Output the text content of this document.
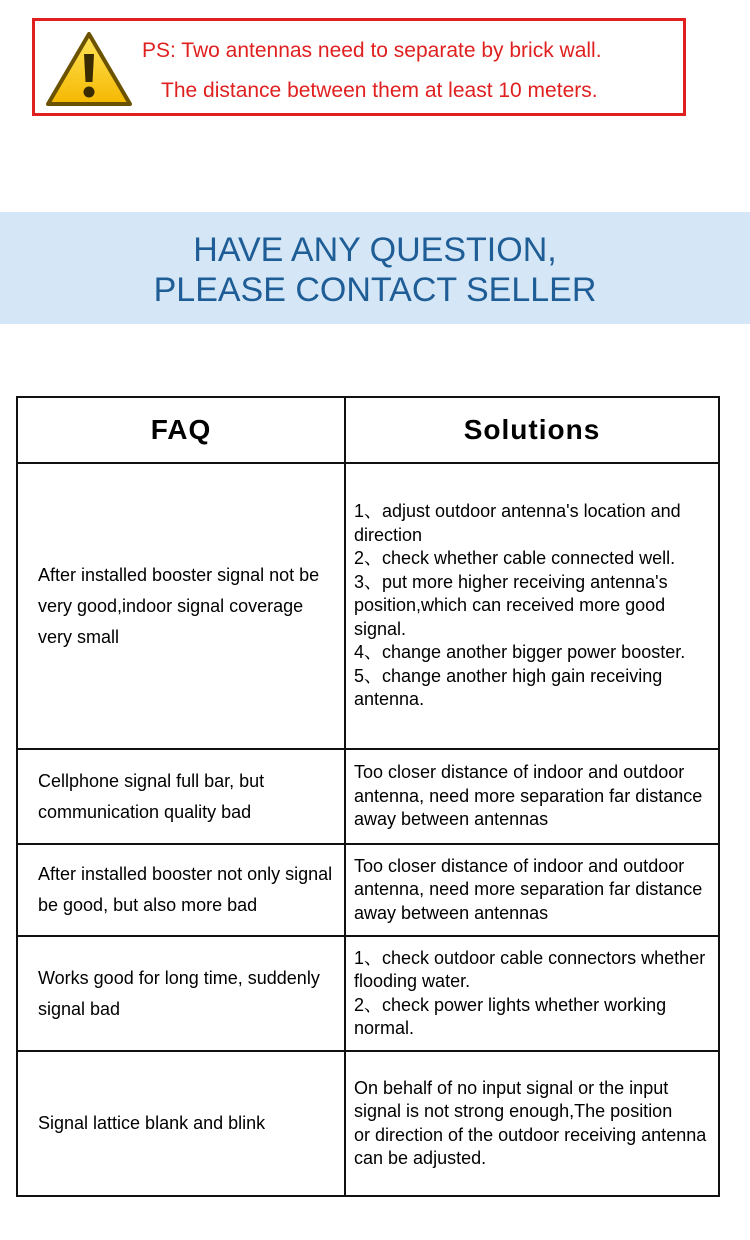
PS: Two antennas need to separate by brick wall.
The distance between them at least 10 meters.
HAVE ANY QUESTION,
PLEASE CONTACT SELLER
FAQ	Solutions
After installed booster signal not be very good,indoor signal coverage very small	1、adjust outdoor antenna's location and direction
2、check whether cable connected well.
3、put more higher receiving antenna's position,which can received more good signal.
4、change another bigger power booster.
5、change another high gain receiving antenna.

Cellphone signal full bar, but communication quality bad	Too closer distance of indoor and outdoor antenna, need more separation far distance away between antennas
After installed booster not only signal be good, but also more bad	Too closer distance of indoor and outdoor antenna, need more separation far distance away between antennas
Works good for long time, suddenly signal bad	1、check outdoor cable connectors whether flooding water.
2、check power lights whether working normal.

Signal lattice blank and blink	On behalf of no input signal or the input signal is not strong enough,The position
or direction of the outdoor receiving antenna can be adjusted.
